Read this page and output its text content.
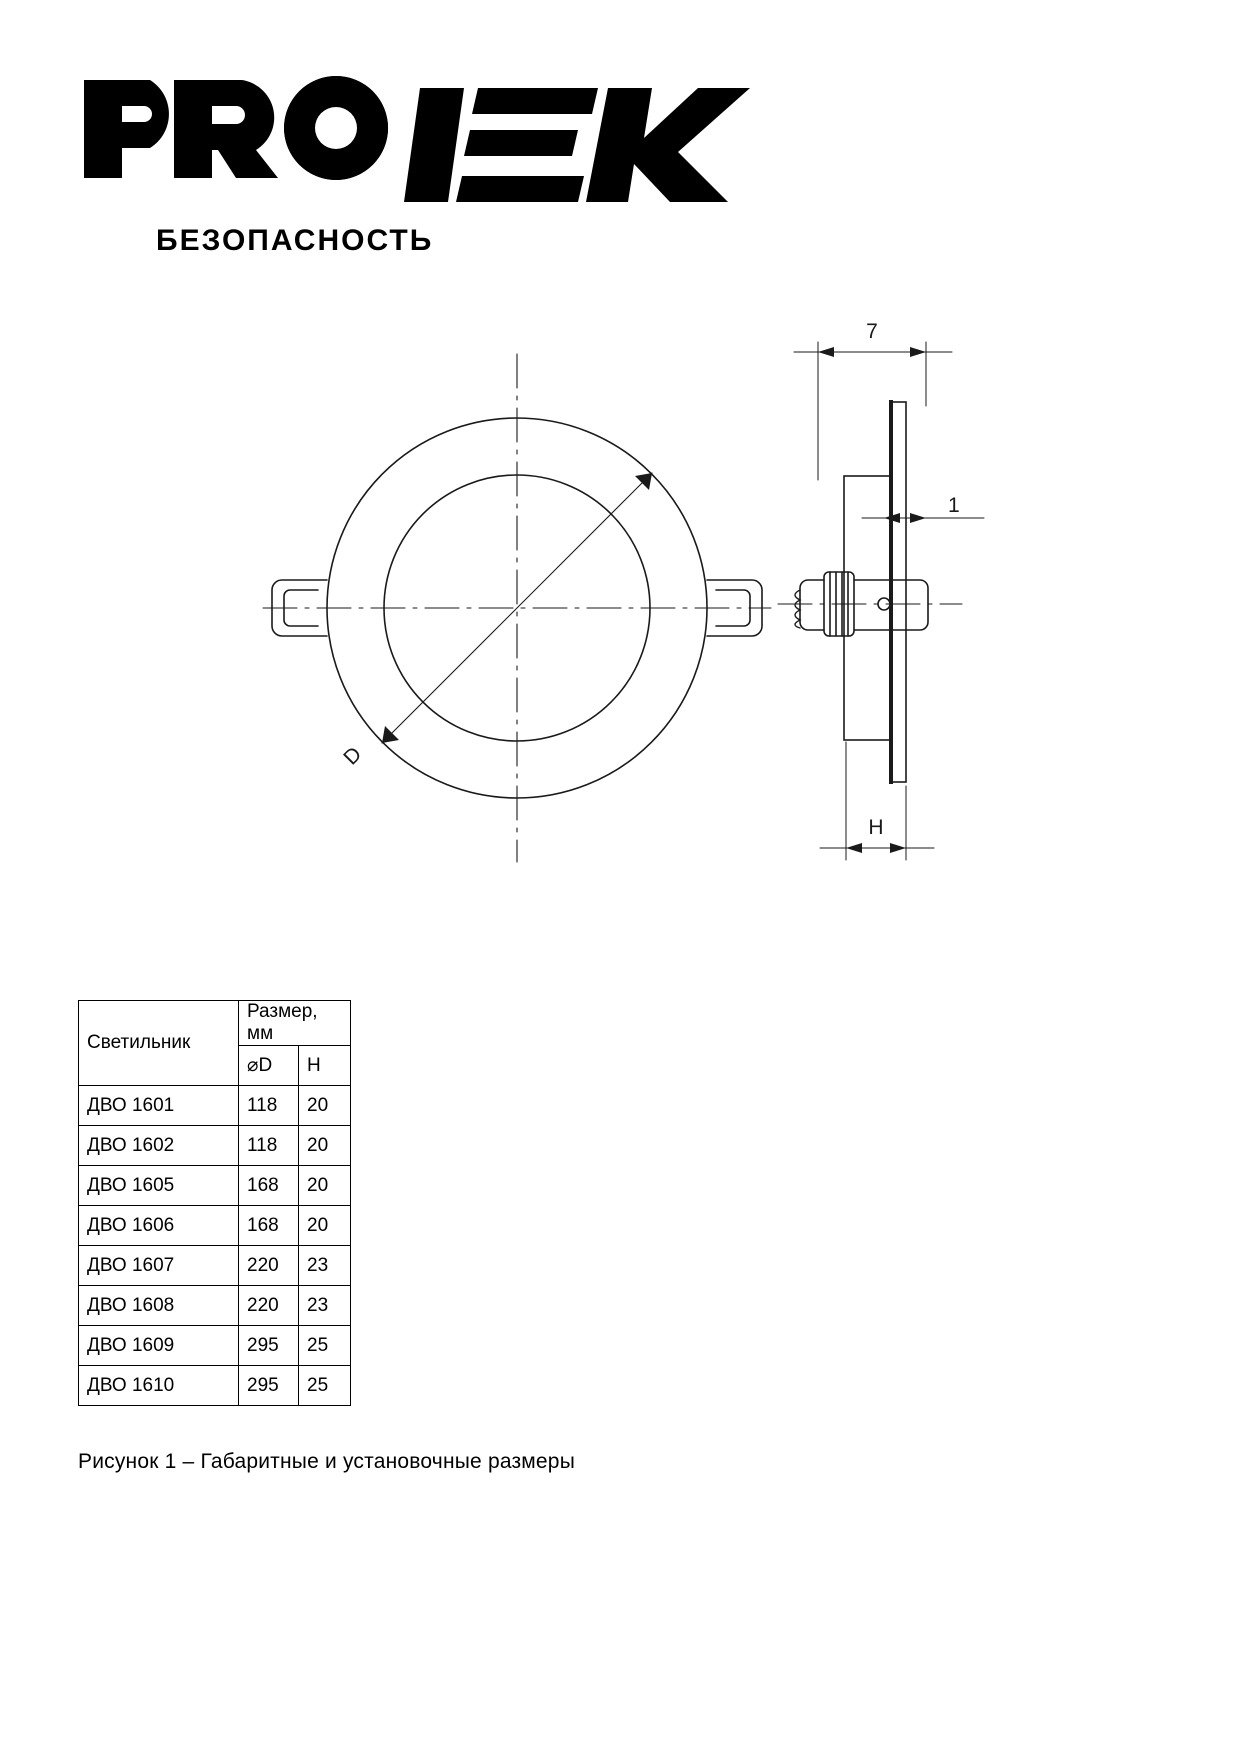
БЕЗОПАСНОСТЬ
D
7
1
H
Светильник	Размер, мм	
	⌀D	H
ДВО 1601	118	20
ДВО 1602	118	20
ДВО 1605	168	20
ДВО 1606	168	20
ДВО 1607	220	23
ДВО 1608	220	23
ДВО 1609	295	25
ДВО 1610	295	25
Рисунок 1 – Габаритные и установочные размеры
